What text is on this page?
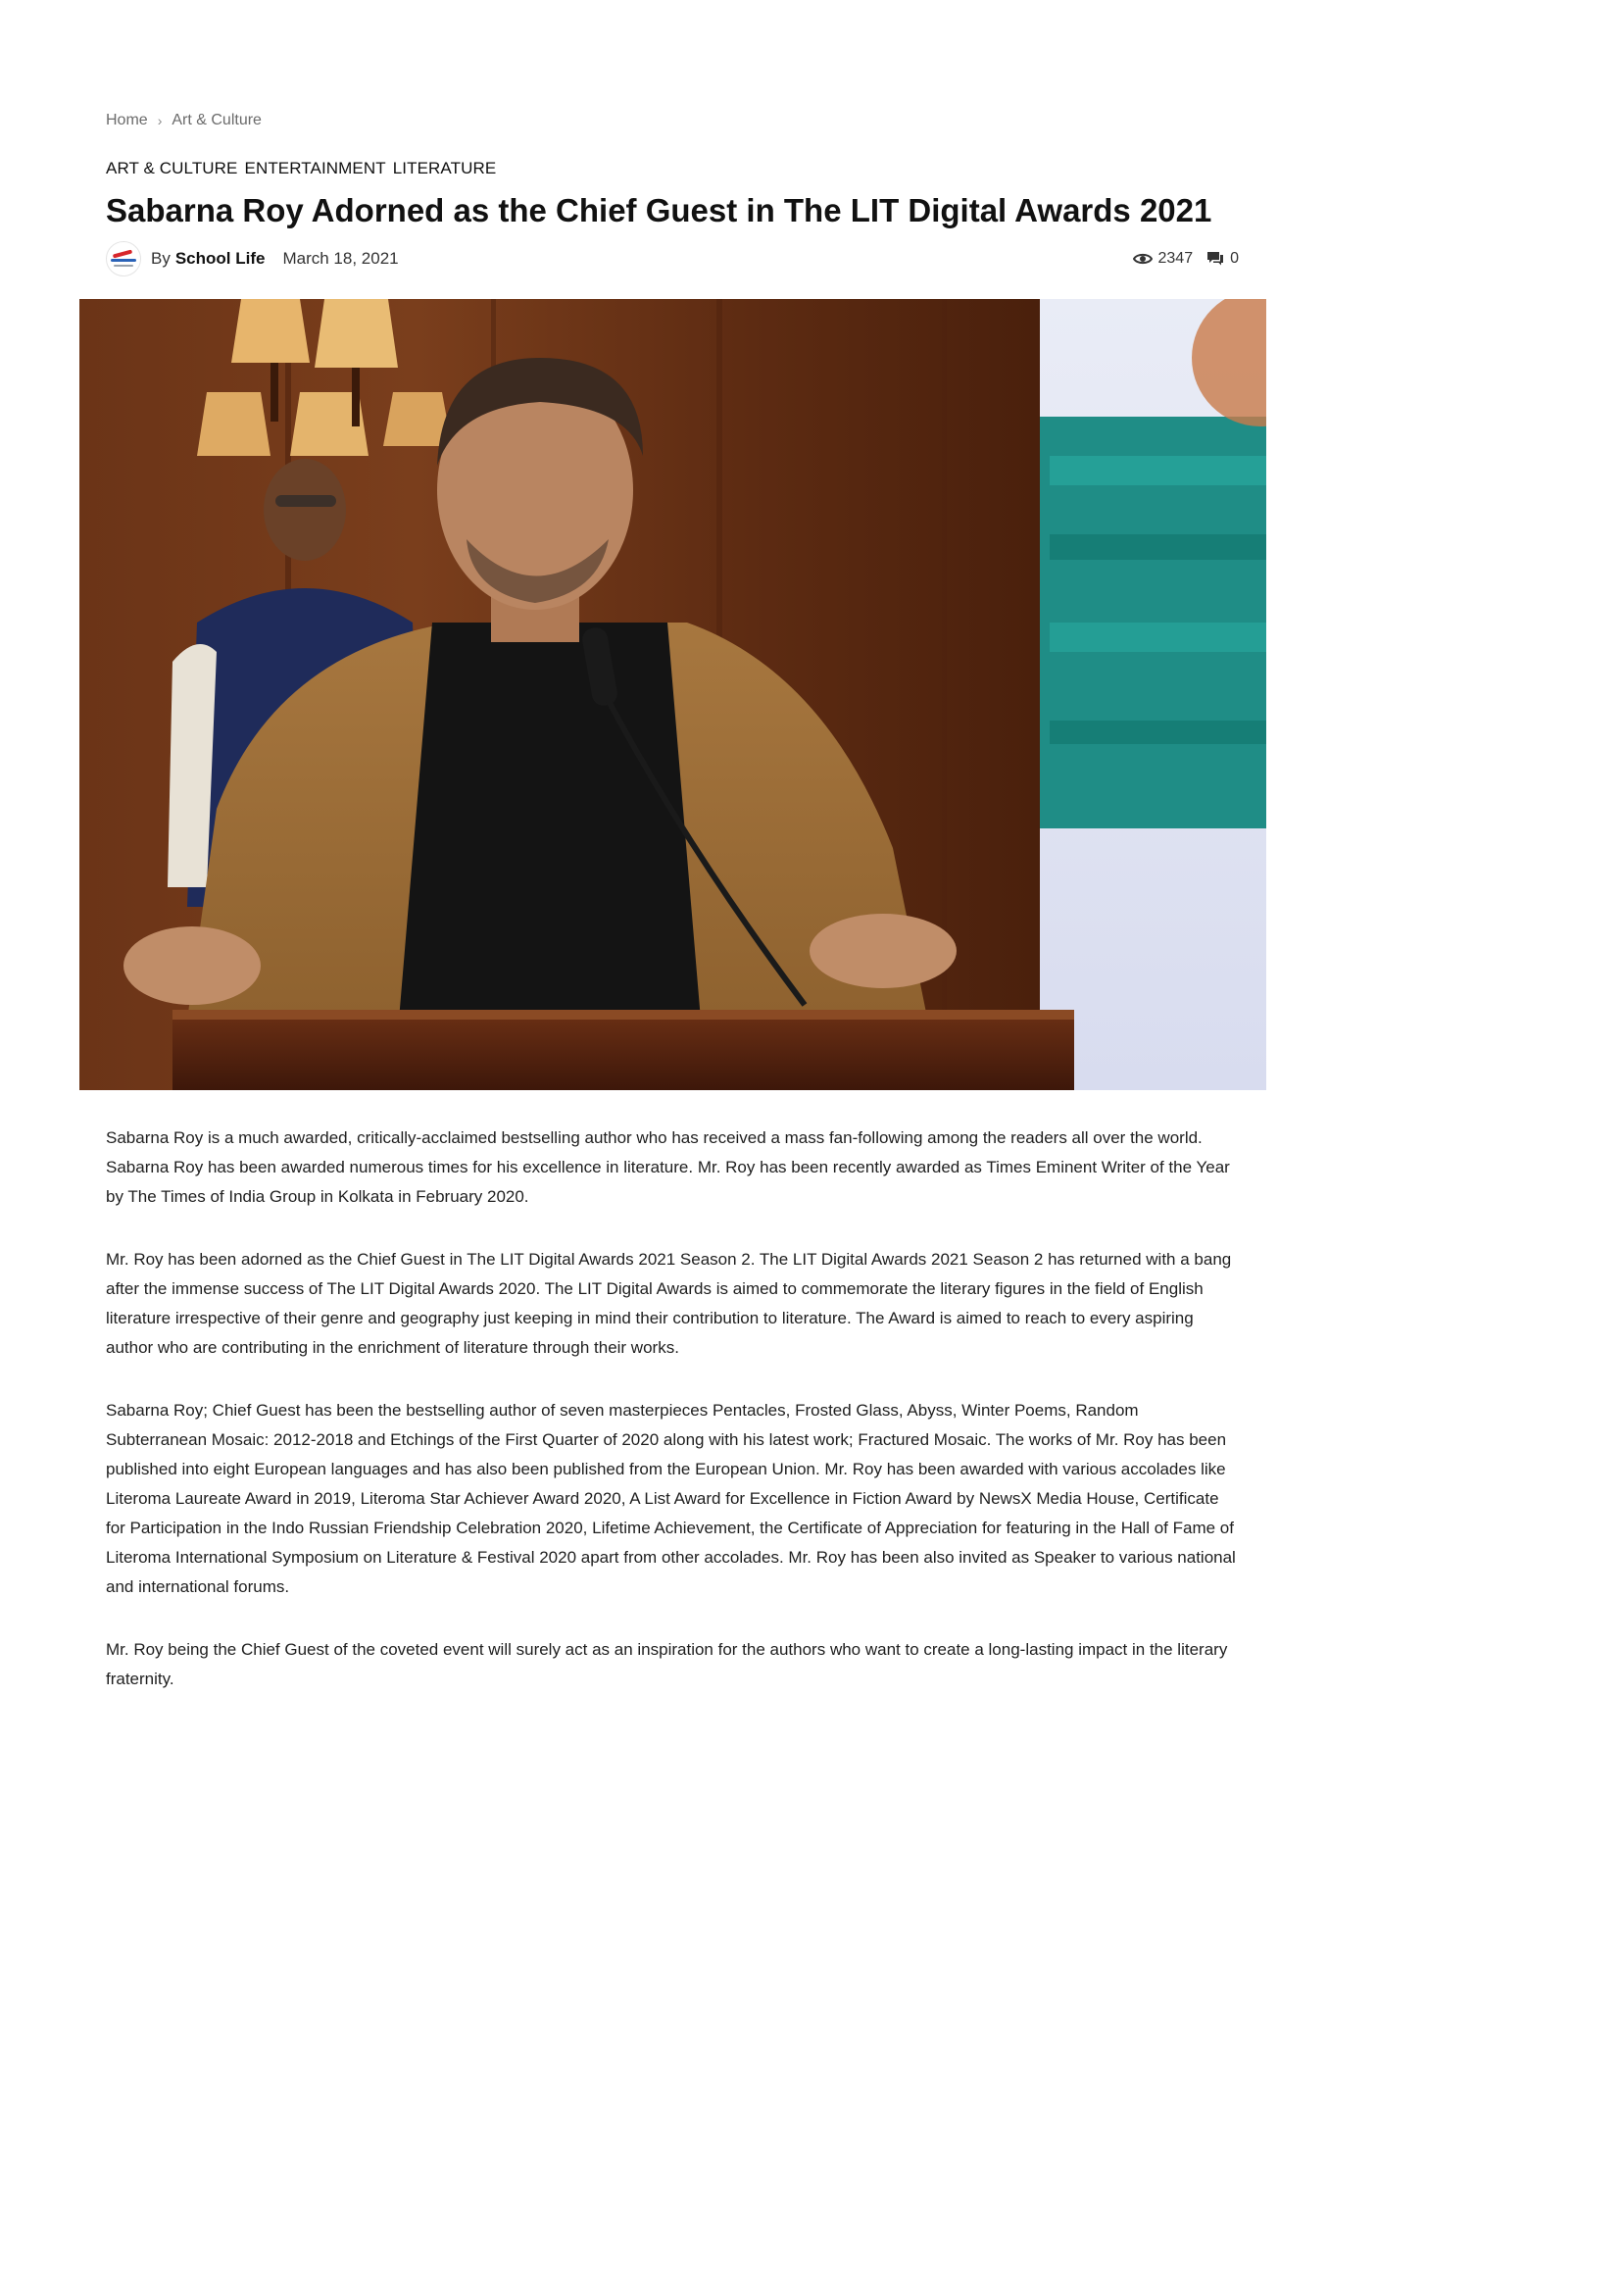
Home › Art & Culture
ART & CULTURE ENTERTAINMENT LITERATURE
Sabarna Roy Adorned as the Chief Guest in The LIT Digital Awards 2021
By School Life March 18, 2021	2347 0

Sabarna Roy is a much awarded, critically-acclaimed bestselling author who has received a mass fan-following among the readers all over the world. Sabarna Roy has been awarded numerous times for his excellence in literature. Mr. Roy has been recently awarded as Times Eminent Writer of the Year by The Times of India Group in Kolkata in February 2020.

Mr. Roy has been adorned as the Chief Guest in The LIT Digital Awards 2021 Season 2. The LIT Digital Awards 2021 Season 2 has returned with a bang after the immense success of The LIT Digital Awards 2020. The LIT Digital Awards is aimed to commemorate the literary figures in the field of English literature irrespective of their genre and geography just keeping in mind their contribution to literature. The Award is aimed to reach to every aspiring author who are contributing in the enrichment of literature through their works.

Sabarna Roy; Chief Guest has been the bestselling author of seven masterpieces Pentacles, Frosted Glass, Abyss, Winter Poems, Random Subterranean Mosaic: 2012-2018 and Etchings of the First Quarter of 2020 along with his latest work; Fractured Mosaic. The works of Mr. Roy has been published into eight European languages and has also been published from the European Union. Mr. Roy has been awarded with various accolades like Literoma Laureate Award in 2019, Literoma Star Achiever Award 2020, A List Award for Excellence in Fiction Award by NewsX Media House, Certificate for Participation in the Indo Russian Friendship Celebration 2020, Lifetime Achievement, the Certificate of Appreciation for featuring in the Hall of Fame of Literoma International Symposium on Literature & Festival 2020 apart from other accolades. Mr. Roy has been also invited as Speaker to various national and international forums.

Mr. Roy being the Chief Guest of the coveted event will surely act as an inspiration for the authors who want to create a long-lasting impact in the literary fraternity.
